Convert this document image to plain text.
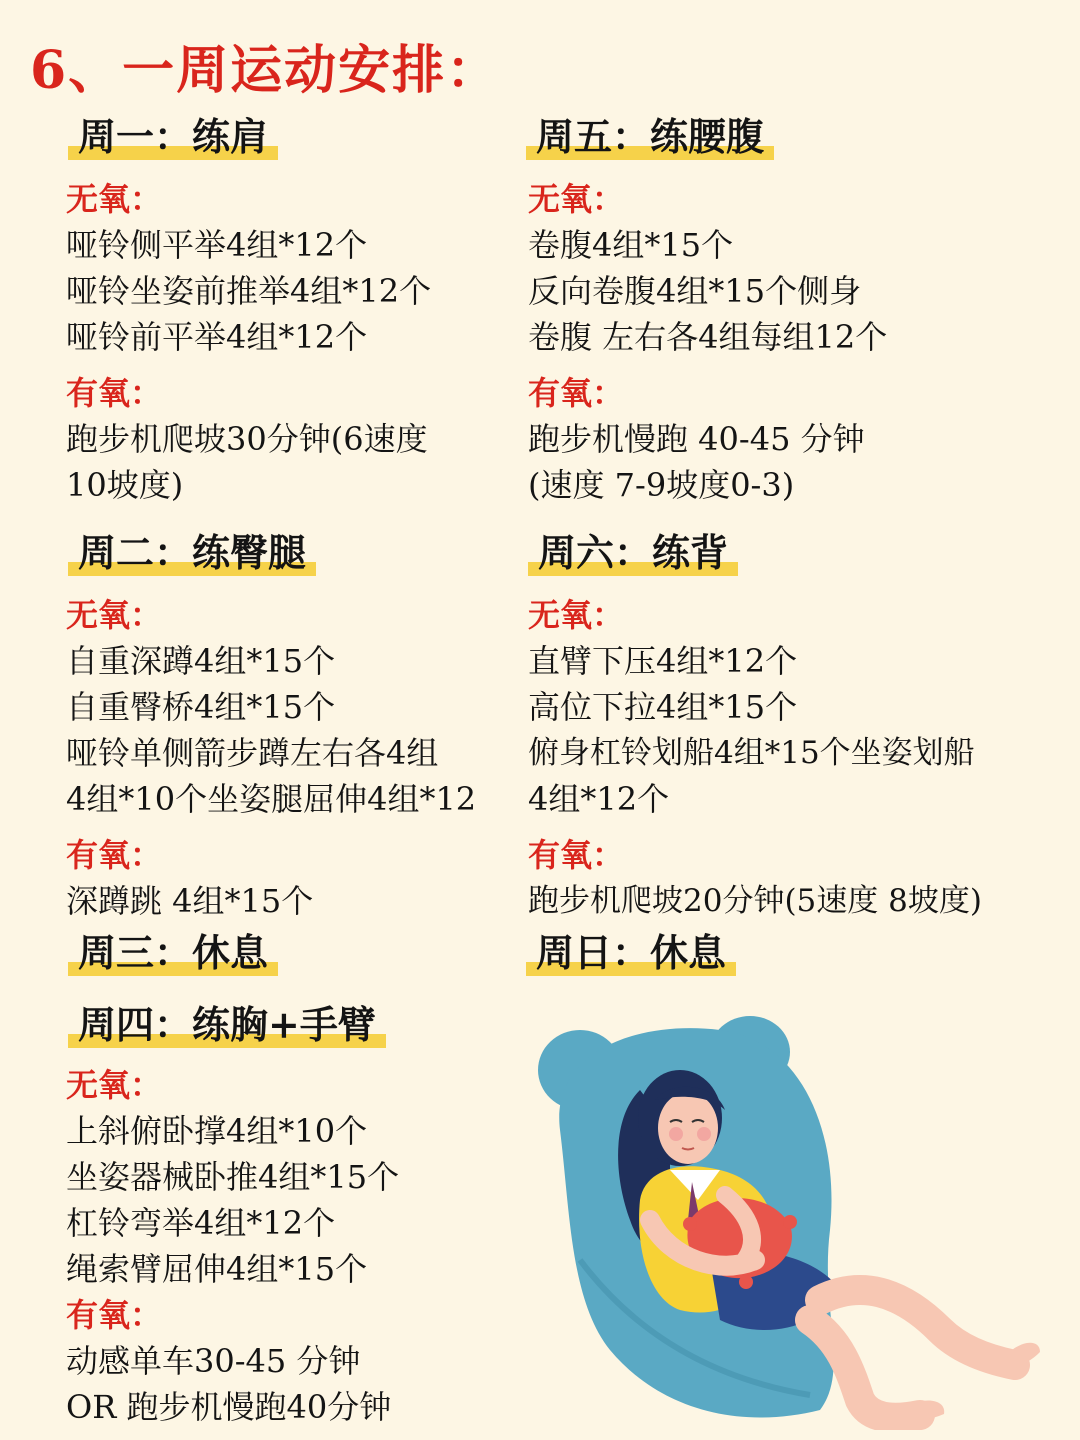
6、一周运动安排：
周一：练肩
无氧：
哑铃侧平举4组*12个
哑铃坐姿前推举4组*12个
哑铃前平举4组*12个
有氧：
跑步机爬坡30分钟(6速度
10坡度)
周二：练臀腿
无氧：
自重深蹲4组*15个
自重臀桥4组*15个
哑铃单侧箭步蹲左右各4组
4组*10个坐姿腿屈伸4组*12
有氧：
深蹲跳 4组*15个
周三：休息
周四：练胸+手臂
无氧：
上斜俯卧撑4组*10个
坐姿器械卧推4组*15个
杠铃弯举4组*12个
绳索臂屈伸4组*15个
有氧：
动感单车30-45 分钟
OR 跑步机慢跑40分钟
周五：练腰腹
无氧：
卷腹4组*15个
反向卷腹4组*15个侧身
卷腹 左右各4组每组12个
有氧：
跑步机慢跑 40-45 分钟
(速度 7-9坡度0-3)
周六：练背
无氧：
直臂下压4组*12个
高位下拉4组*15个
俯身杠铃划船4组*15个坐姿划船
4组*12个
有氧：
跑步机爬坡20分钟(5速度 8坡度)
周日：休息
